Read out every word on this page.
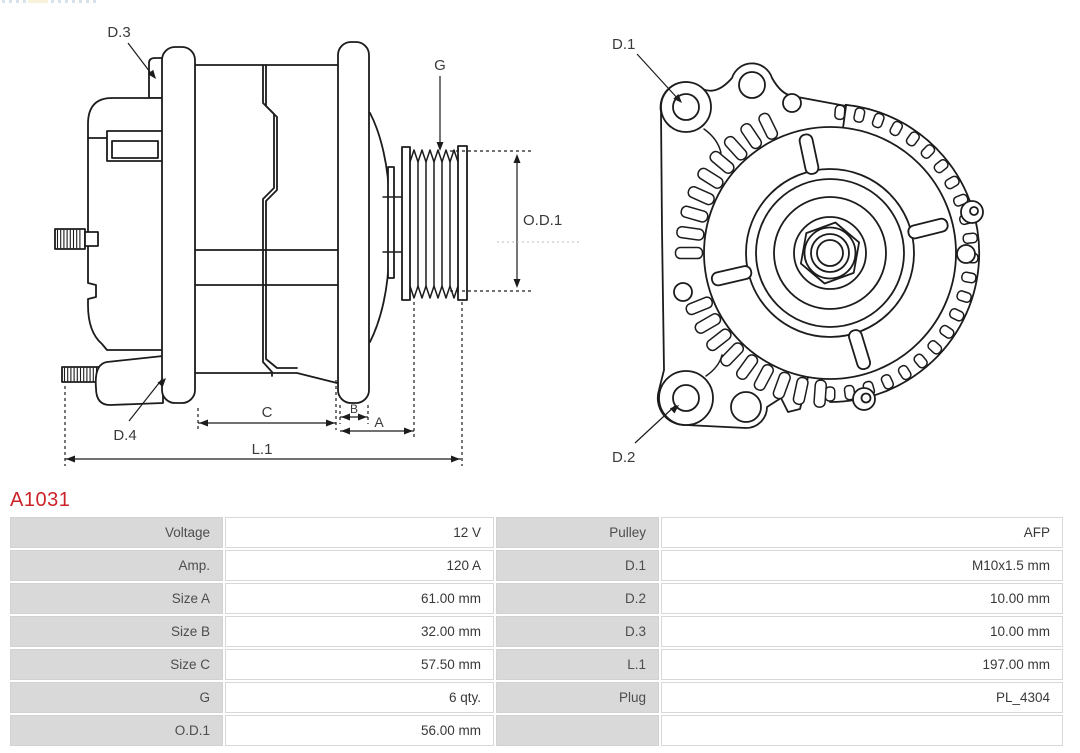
D.3
G
O.D.1
D.4
C	B
A
L.1
D.1
D.2
A1031
Voltage	12 V	Pulley	AFP
Amp.	120 A	D.1	M10x1.5 mm
Size A	61.00 mm	D.2	10.00 mm
Size B	32.00 mm	D.3	10.00 mm
Size C	57.50 mm	L.1	197.00 mm
G	6 qty.	Plug	PL_4304
O.D.1	56.00 mm
